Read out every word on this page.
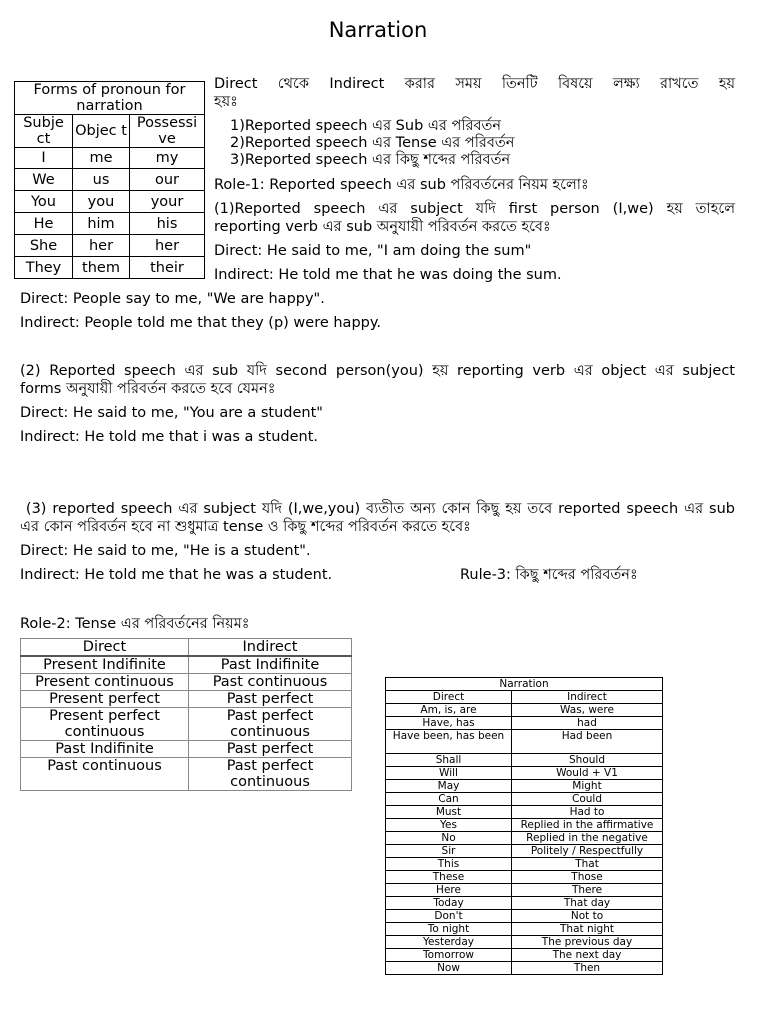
Narration
Forms of pronoun for narration		
Subje ct	Objec t	Possessi ve
I	me	my
We	us	our
You	you	your
He	him	his
She	her	her
They	them	their
Direct থেকে Indirect করার সময় তিনটি বিষয়ে লক্ষ্য রাখতে হয়
হয়ঃ
1)Reported speech এর Sub এর পরিবর্তন
2)Reported speech এর Tense এর পরিবর্তন
3)Reported speech এর কিছু শব্দের পরিবর্তন
Role-1: Reported speech এর sub পরিবর্তনের নিয়ম হলোঃ
(1)Reported speech এর subject যদি first person (I,we) হয় তাহলে
reporting verb এর sub অনুযায়ী পরিবর্তন করতে হবেঃ
Direct: He said to me, "I am doing the sum"
Indirect: He told me that he was doing the sum.
Direct: People say to me, "We are happy".
Indirect: People told me that they (p) were happy.
(2) Reported speech এর sub যদি second person(you) হয় reporting verb এর object এর subject
forms অনুযায়ী পরিবর্তন করতে হবে যেমনঃ
Direct: He said to me, "You are a student"
Indirect: He told me that i was a student.
(3) reported speech এর subject যদি (I,we,you) ব্যতীত অন্য কোন কিছু হয় তবে reported speech এর sub
এর কোন পরিবর্তন হবে না শুধুমাত্র tense ও কিছু শব্দের পরিবর্তন করতে হবেঃ
Direct: He said to me, "He is a student".
Indirect: He told me that he was a student.	Rule-3: কিছু শব্দের পরিবর্তনঃ
Role-2: Tense এর পরিবর্তনের নিয়মঃ
Direct	Indirect
Present Indifinite	Past Indifinite
Present continuous	Past continuous
Present perfect	Past perfect
Present perfect continuous	Past perfect continuous
Past Indifinite	Past perfect
Past continuous	Past perfect continuous
Narration	
Direct	Indirect
Am, is, are	Was, were
Have, has	had
Have been, has been	Had been
Shall	Should
Will	Would + V1
May	Might
Can	Could
Must	Had to
Yes	Replied in the affirmative
No	Replied in the negative
Sir	Politely / Respectfully
This	That
These	Those
Here	There
Today	That day
Don't	Not to
To night	That night
Yesterday	The previous day
Tomorrow	The next day
Now	Then
